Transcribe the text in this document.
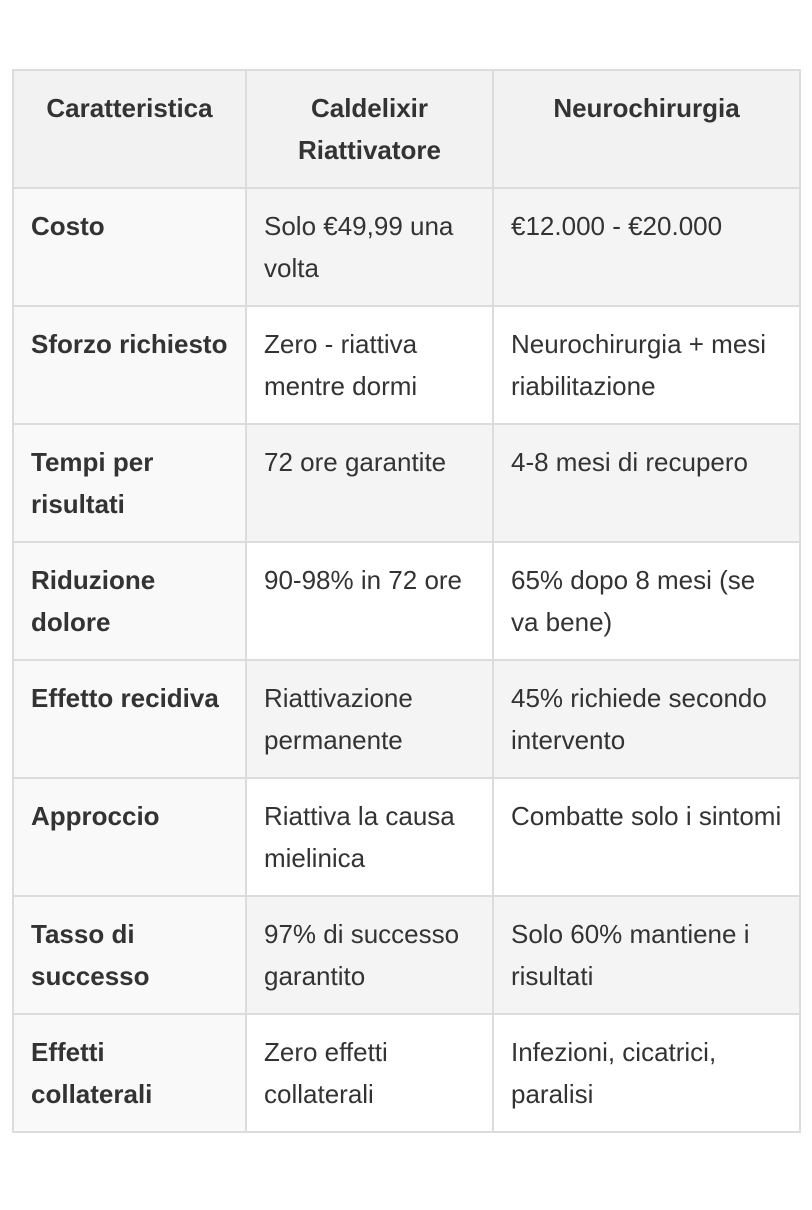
Caratteristica	Caldelixir Riattivatore	Neurochirurgia
Costo	Solo €49,99 una volta	€12.000 - €20.000
Sforzo richiesto	Zero - riattiva mentre dormi	Neurochirurgia + mesi riabilitazione
Tempi per risultati	72 ore garantite	4-8 mesi di recupero
Riduzione dolore	90-98% in 72 ore	65% dopo 8 mesi (se va bene)
Effetto recidiva	Riattivazione permanente	45% richiede secondo intervento
Approccio	Riattiva la causa mielinica	Combatte solo i sintomi
Tasso di successo	97% di successo garantito	Solo 60% mantiene i risultati
Effetti collaterali	Zero effetti collaterali	Infezioni, cicatrici, paralisi
